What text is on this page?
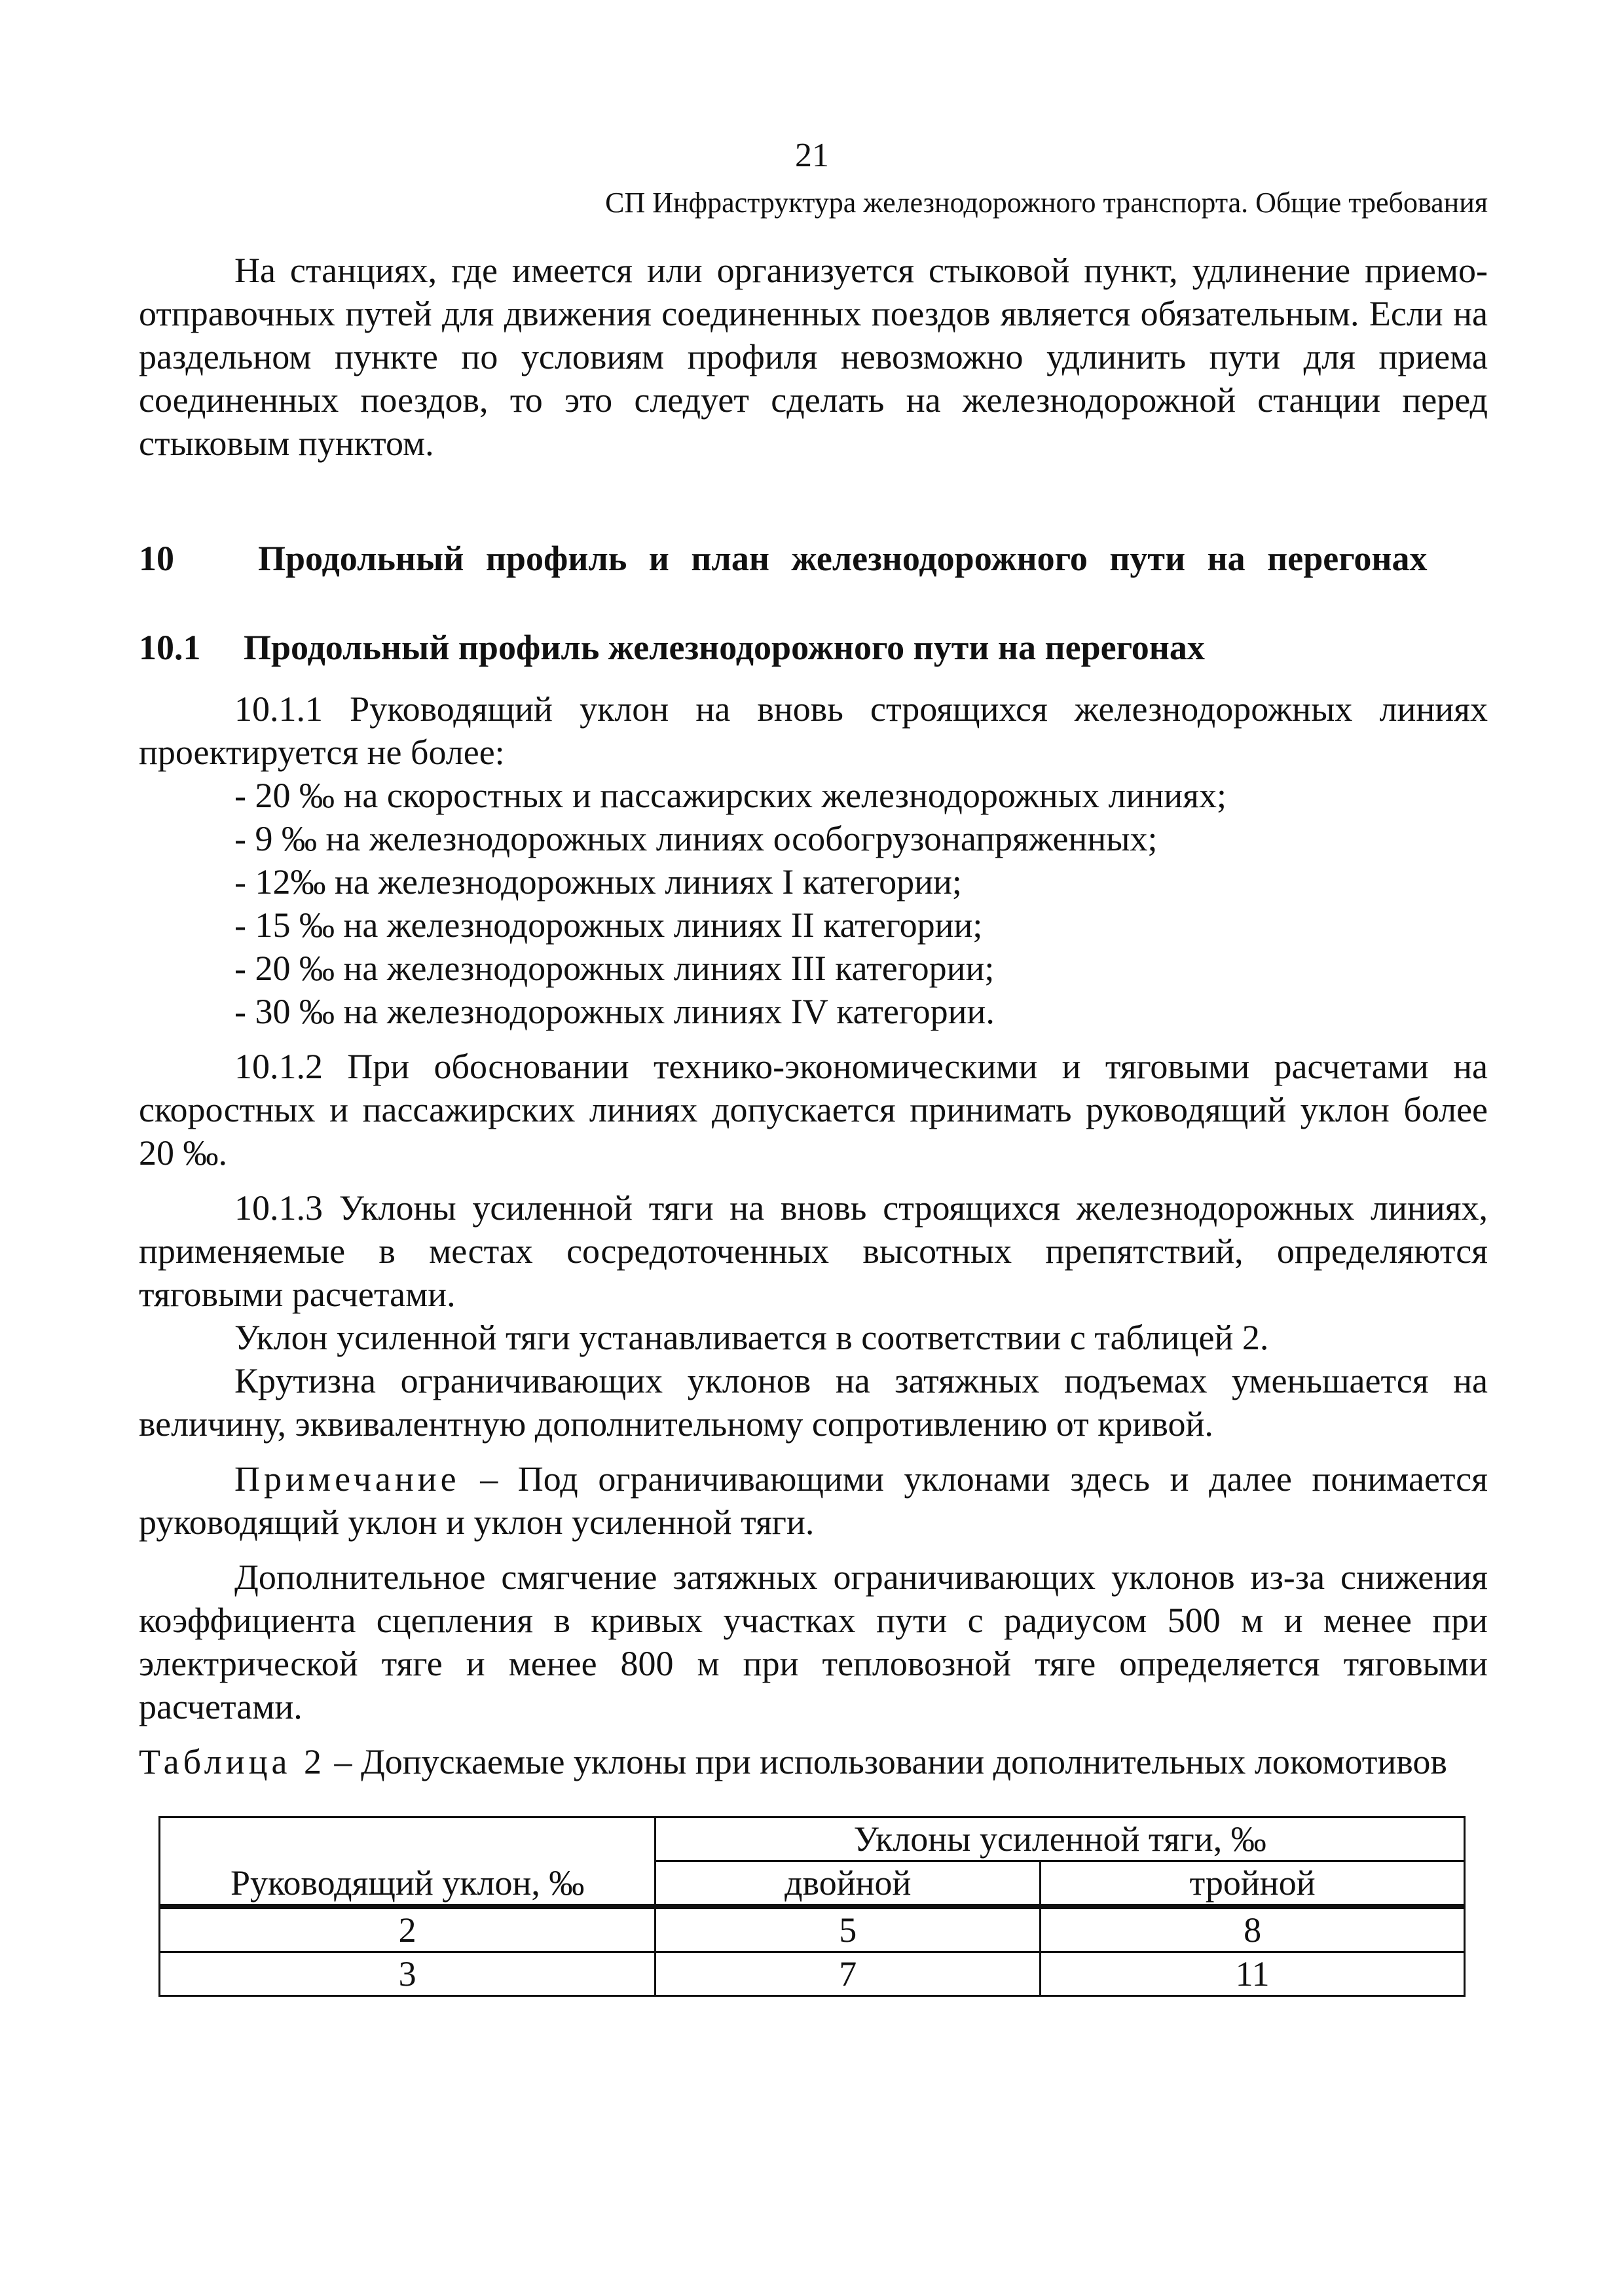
21
СП Инфраструктура железнодорожного транспорта. Общие требования

На станциях, где имеется или организуется стыковой пункт, удлинение приемо-отправочных путей для движения соединенных поездов является обязательным. Если на раздельном пункте по условиям профиля невозможно удлинить пути для приема соединенных поездов, то это следует сделать на железнодорожной станции перед стыковым пунктом.

10	Продольный профиль и план железнодорожного пути на перегонах
10.1	Продольный профиль железнодорожного пути на перегонах

10.1.1 Руководящий уклон на вновь строящихся железнодорожных линиях проектируется не более:

- 20 ‰ на скоростных и пассажирских железнодорожных линиях;
- 9 ‰ на железнодорожных линиях особогрузонапряженных;
- 12‰ на железнодорожных линиях I категории;
- 15 ‰ на железнодорожных линиях II категории;
- 20 ‰ на железнодорожных линиях III категории;
- 30 ‰ на железнодорожных линиях IV категории.

10.1.2 При обосновании технико-экономическими и тяговыми расчетами на скоростных и пассажирских линиях допускается принимать руководящий уклон более 20 ‰.

10.1.3 Уклоны усиленной тяги на вновь строящихся железнодорожных линиях, применяемые в местах сосредоточенных высотных препятствий, определяются тяговыми расчетами.

Уклон усиленной тяги устанавливается в соответствии с таблицей 2.

Крутизна ограничивающих уклонов на затяжных подъемах уменьшается на величину, эквивалентную дополнительному сопротивлению от кривой.

Примечание – Под ограничивающими уклонами здесь и далее понимается руководящий уклон и уклон усиленной тяги.

Дополнительное смягчение затяжных ограничивающих уклонов из-за снижения коэффициента сцепления в кривых участках пути с радиусом 500 м и менее при электрической тяге и менее 800 м при тепловозной тяге определяется тяговыми расчетами.

Таблица 2 – Допускаемые уклоны при использовании дополнительных локомотивов

Руководящий уклон, ‰	Уклоны усиленной тяги, ‰	
	двойной	тройной
2	5	8
3	7	11
